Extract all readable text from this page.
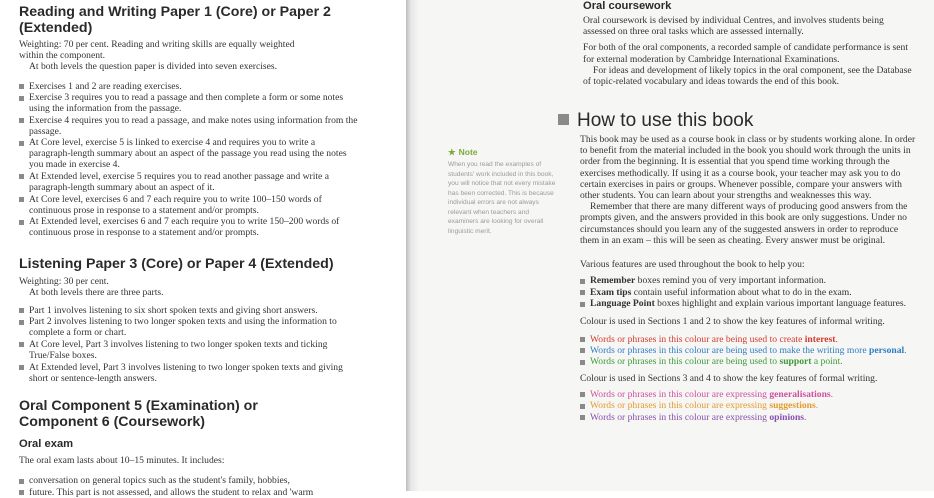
Reading and Writing Paper 1 (Core) or Paper 2
(Extended)

Weighting: 70 per cent. Reading and writing skills are equally weighted

within the component.

At both levels the question paper is divided into seven exercises.

Exercises 1 and 2 are reading exercises.
Exercise 3 requires you to read a passage and then complete a form or some notes using the information from the passage.
Exercise 4 requires you to read a passage, and make notes using information from the passage.
At Core level, exercise 5 is linked to exercise 4 and requires you to write a paragraph-length summary about an aspect of the passage you read using the notes you made in exercise 4.
At Extended level, exercise 5 requires you to read another passage and write a paragraph-length summary about an aspect of it.
At Core level, exercises 6 and 7 each require you to write 100–150 words of continuous prose in response to a statement and/or prompts.
At Extended level, exercises 6 and 7 each require you to write 150–200 words of continuous prose in response to a statement and/or prompts.
Listening Paper 3 (Core) or Paper 4 (Extended)

Weighting: 30 per cent.

At both levels there are three parts.

Part 1 involves listening to six short spoken texts and giving short answers.
Part 2 involves listening to two longer spoken texts and using the information to complete a form or chart.
At Core level, Part 3 involves listening to two longer spoken texts and ticking True/False boxes.
At Extended level, Part 3 involves listening to two longer spoken texts and giving short or sentence-length answers.
Oral Component 5 (Examination) or
Component 6 (Coursework)
Oral exam

The oral exam lasts about 10–15 minutes. It includes:

conversation on general topics such as the student's family, hobbies,
future. This part is not assessed, and allows the student to relax and 'warm
★ Note
When you read the examples of students' work included in this book, you will notice that not every mistake has been corrected. This is because individual errors are not always relevant when teachers and examiners are looking for overall linguistic merit.
Oral coursework

Oral coursework is devised by individual Centres, and involves students being assessed on three oral tasks which are assessed internally.

For both of the oral components, a recorded sample of candidate performance is sent for external moderation by Cambridge International Examinations.

For ideas and development of likely topics in the oral component, see the Database of topic-related vocabulary and ideas towards the end of this book.

How to use this book

This book may be used as a course book in class or by students working alone. In order to benefit from the material included in the book you should work through the units in order from the beginning. It is essential that you spend time working through the exercises methodically. If using it as a course book, your teacher may ask you to do certain exercises in pairs or groups. Whenever possible, compare your answers with other students. You can learn about your strengths and weaknesses this way.

Remember that there are many different ways of producing good answers from the prompts given, and the answers provided in this book are only suggestions. Under no circumstances should you learn any of the suggested answers in order to reproduce them in an exam – this will be seen as cheating. Every answer must be original.

Various features are used throughout the book to help you:

Remember boxes remind you of very important information.
Exam tips contain useful information about what to do in the exam.
Language Point boxes highlight and explain various important language features.

Colour is used in Sections 1 and 2 to show the key features of informal writing.

Words or phrases in this colour are being used to create interest.
Words or phrases in this colour are being used to make the writing more personal.
Words or phrases in this colour are being used to support a point.

Colour is used in Sections 3 and 4 to show the key features of formal writing.

Words or phrases in this colour are expressing generalisations.
Words or phrases in this colour are expressing suggestions.
Words or phrases in this colour are expressing opinions.
